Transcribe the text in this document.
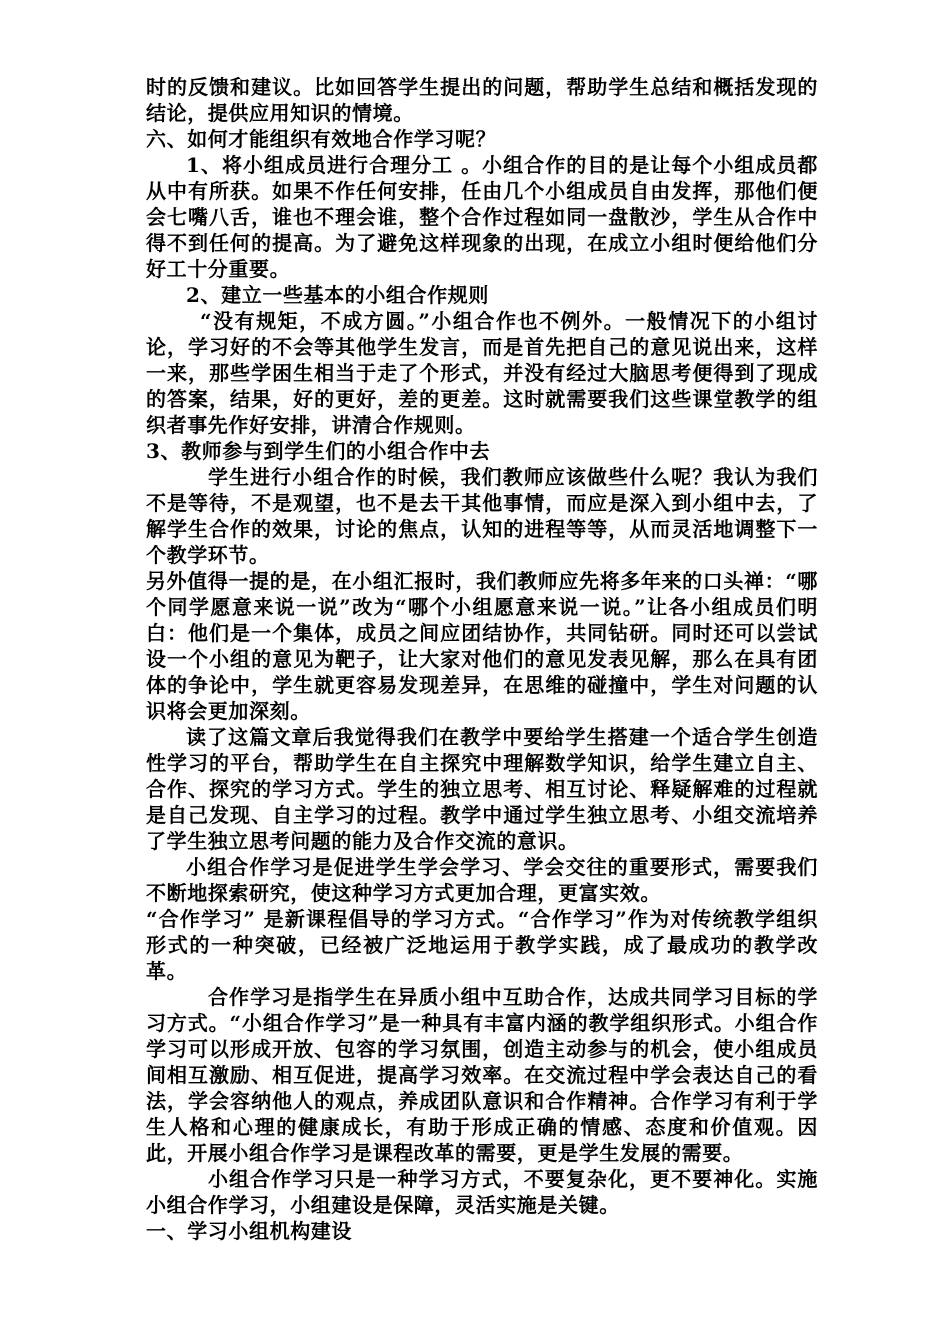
时的反馈和建议。比如回答学生提出的问题，帮助学生总结和概括发现的结论，提供应用知识的情境。

六、如何才能组织有效地合作学习呢？

1、将小组成员进行合理分工 。小组合作的目的是让每个小组成员都从中有所获。如果不作任何安排，任由几个小组成员自由发挥，那他们便会七嘴八舌，谁也不理会谁，整个合作过程如同一盘散沙，学生从合作中得不到任何的提高。为了避免这样现象的出现，在成立小组时便给他们分好工十分重要。

2、建立一些基本的小组合作规则

“没有规矩，不成方圆。”小组合作也不例外。一般情况下的小组讨论，学习好的不会等其他学生发言，而是首先把自己的意见说出来，这样一来，那些学困生相当于走了个形式，并没有经过大脑思考便得到了现成的答案，结果，好的更好，差的更差。这时就需要我们这些课堂教学的组织者事先作好安排，讲清合作规则。

3、教师参与到学生们的小组合作中去

学生进行小组合作的时候，我们教师应该做些什么呢？我认为我们不是等待，不是观望，也不是去干其他事情，而应是深入到小组中去，了解学生合作的效果，讨论的焦点，认知的进程等等，从而灵活地调整下一个教学环节。

另外值得一提的是，在小组汇报时，我们教师应先将多年来的口头禅：“哪个同学愿意来说一说”改为“哪个小组愿意来说一说。”让各小组成员们明白：他们是一个集体，成员之间应团结协作，共同钻研。同时还可以尝试设一个小组的意见为靶子，让大家对他们的意见发表见解，那么在具有团体的争论中，学生就更容易发现差异，在思维的碰撞中，学生对问题的认识将会更加深刻。

读了这篇文章后我觉得我们在教学中要给学生搭建一个适合学生创造性学习的平台，帮助学生在自主探究中理解数学知识，给学生建立自主、合作、探究的学习方式。学生的独立思考、相互讨论、释疑解难的过程就是自己发现、自主学习的过程。教学中通过学生独立思考、小组交流培养了学生独立思考问题的能力及合作交流的意识。

小组合作学习是促进学生学会学习、学会交往的重要形式，需要我们不断地探索研究，使这种学习方式更加合理，更富实效。

“合作学习” 是新课程倡导的学习方式。“合作学习”作为对传统教学组织形式的一种突破，已经被广泛地运用于教学实践，成了最成功的教学改革。

合作学习是指学生在异质小组中互助合作，达成共同学习目标的学习方式。“小组合作学习”是一种具有丰富内涵的教学组织形式。小组合作学习可以形成开放、包容的学习氛围，创造主动参与的机会，使小组成员间相互激励、相互促进，提高学习效率。在交流过程中学会表达自己的看法，学会容纳他人的观点，养成团队意识和合作精神。合作学习有利于学生人格和心理的健康成长，有助于形成正确的情感、态度和价值观。因此，开展小组合作学习是课程改革的需要，更是学生发展的需要。

小组合作学习只是一种学习方式，不要复杂化，更不要神化。实施小组合作学习，小组建设是保障，灵活实施是关键。

一、学习小组机构建设
